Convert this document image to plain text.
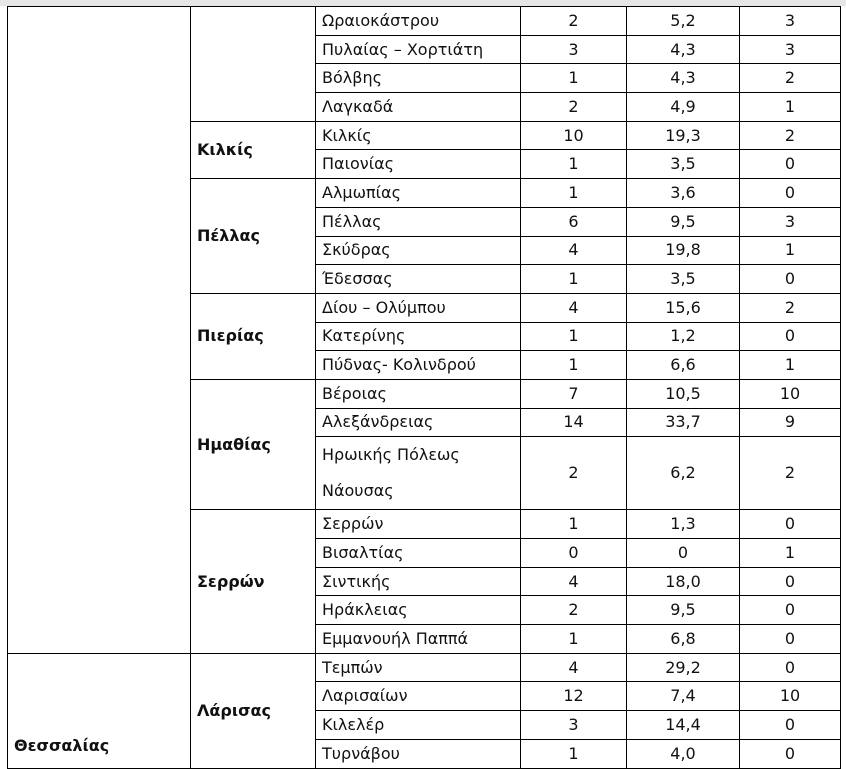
		Ωραιοκάστρου	2	5,2	3
		Πυλαίας – Χορτιάτη	3	4,3	3
		Βόλβης	1	4,3	2
		Λαγκαδά	2	4,9	1
	Κιλκίς	Κιλκίς	10	19,3	2
		Παιονίας	1	3,5	0
	Πέλλας	Αλμωπίας	1	3,6	0
		Πέλλας	6	9,5	3
		Σκύδρας	4	19,8	1
		Έδεσσας	1	3,5	0
	Πιερίας	Δίου – Ολύμπου	4	15,6	2
		Κατερίνης	1	1,2	0
		Πύδνας- Κολινδρού	1	6,6	1
	Ημαθίας	Βέροιας	7	10,5	10
		Αλεξάνδρειας	14	33,7	9
		Ηρωικής Πόλεως Νάουσας	2	6,2	2
	Σερρών	Σερρών	1	1,3	0
		Βισαλτίας	0	0	1
		Σιντικής	4	18,0	0
		Ηράκλειας	2	9,5	0
		Εμμανουήλ Παππά	1	6,8	0
Θεσσαλίας	Λάρισας	Τεμπών	4	29,2	0
		Λαρισαίων	12	7,4	10
		Κιλελέρ	3	14,4	0
		Τυρνάβου	1	4,0	0
